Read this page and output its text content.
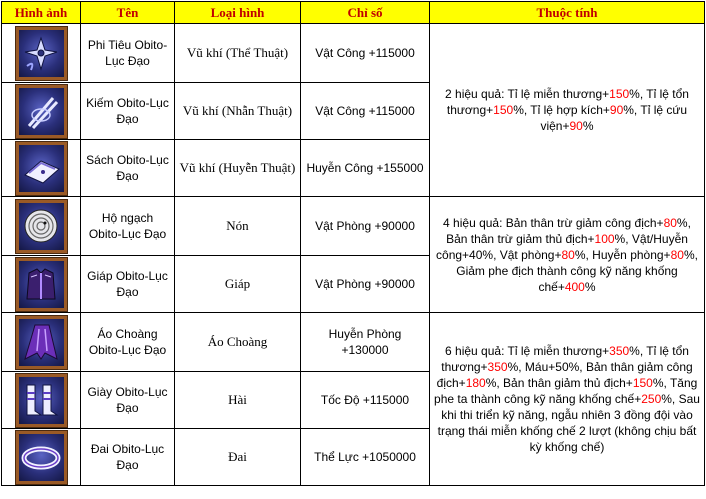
Hình ảnh	Tên	Loại hình	Chỉ số	Thuộc tính

	Phi Tiêu Obito-Lục Đạo	Vũ khí (Thể Thuật)	Vật Công +115000	2 hiệu quả: Tỉ lệ miễn thương+150%, Tỉ lệ tổn thương+150%, Tỉ lệ hợp kích+90%, Tỉ lệ cứu viện+90%

	Kiếm Obito-Lục Đạo	Vũ khí (Nhẫn Thuật)	Vật Công +115000	

	Sách Obito-Lục Đạo	Vũ khí (Huyễn Thuật)	Huyễn Công +155000	

	Hộ ngạch Obito-Lục Đạo	Nón	Vật Phòng +90000	4 hiệu quả: Bản thân trừ giảm công địch+80%, Bản thân trừ giảm thủ địch+100%, Vật/Huyễn công+40%, Vật phòng+80%, Huyễn phòng+80%, Giảm phe địch thành công kỹ năng khống chế+400%

	Giáp Obito-Lục Đạo	Giáp	Vật Phòng +90000	

	Áo Choàng Obito-Lục Đạo	Áo Choàng	Huyễn Phòng +130000	6 hiệu quả: Tỉ lệ miễn thương+350%, Tỉ lệ tổn thương+350%, Máu+50%, Bản thân giảm công địch+180%, Bản thân giảm thủ địch+150%, Tăng phe ta thành công kỹ năng khống chế+250%, Sau khi thi triển kỹ năng, ngẫu nhiên 3 đồng đội vào trạng thái miễn khống chế 2 lượt (không chịu bất kỳ khống chế)

	Giày Obito-Lục Đạo	Hài	Tốc Độ +115000	

	Đai Obito-Lục Đạo	Đai	Thể Lực +1050000	
